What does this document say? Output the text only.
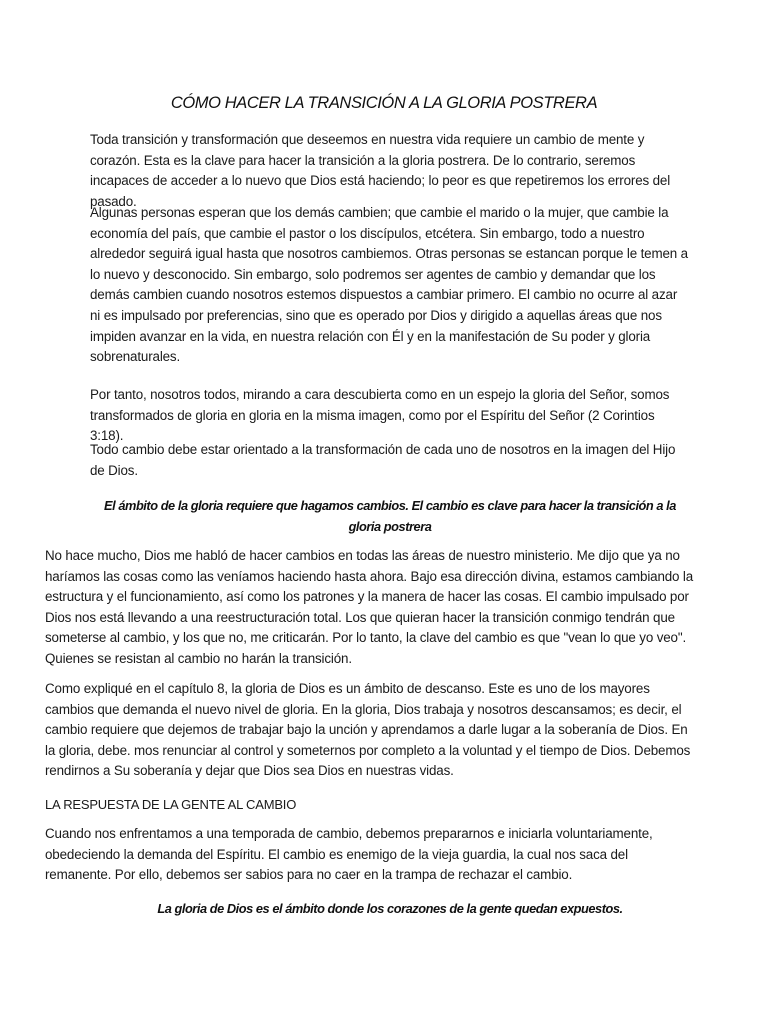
CÓMO HACER LA TRANSICIÓN A LA GLORIA POSTRERA

Toda transición y transformación que deseemos en nuestra vida requiere un cambio de mente y corazón. Esta es la clave para hacer la transición a la gloria postrera. De lo contrario, seremos incapaces de acceder a lo nuevo que Dios está haciendo; lo peor es que repetiremos los errores del pasado.

Algunas personas esperan que los demás cambien; que cambie el marido o la mujer, que cambie la economía del país, que cambie el pastor o los discípulos, etcétera. Sin embargo, todo a nuestro alrededor seguirá igual hasta que nosotros cambiemos. Otras personas se estancan porque le temen a lo nuevo y desconocido. Sin embargo, solo podremos ser agentes de cambio y demandar que los demás cambien cuando nosotros estemos dispuestos a cambiar primero. El cambio no ocurre al azar ni es impulsado por preferencias, sino que es operado por Dios y dirigido a aquellas áreas que nos impiden avanzar en la vida, en nuestra relación con Él y en la manifestación de Su poder y gloria sobrenaturales.

Por tanto, nosotros todos, mirando a cara descubierta como en un espejo la gloria del Señor, somos transformados de gloria en gloria en la misma imagen, como por el Espíritu del Señor (2 Corintios 3:18).

Todo cambio debe estar orientado a la transformación de cada uno de nosotros en la imagen del Hijo de Dios.

El ámbito de la gloria requiere que hagamos cambios. El cambio es clave para hacer la transición a la gloria postrera

No hace mucho, Dios me habló de hacer cambios en todas las áreas de nuestro ministerio. Me dijo que ya no haríamos las cosas como las veníamos haciendo hasta ahora. Bajo esa dirección divina, estamos cambiando la estructura y el funcionamiento, así como los patrones y la manera de hacer las cosas. El cambio impulsado por Dios nos está llevando a una reestructuración total. Los que quieran hacer la transición conmigo tendrán que someterse al cambio, y los que no, me criticarán. Por lo tanto, la clave del cambio es que "vean lo que yo veo". Quienes se resistan al cambio no harán la transición.

Como expliqué en el capítulo 8, la gloria de Dios es un ámbito de descanso. Este es uno de los mayores cambios que demanda el nuevo nivel de gloria. En la gloria, Dios trabaja y nosotros descansamos; es decir, el cambio requiere que dejemos de trabajar bajo la unción y aprendamos a darle lugar a la soberanía de Dios. En la gloria, debe. mos renunciar al control y someternos por completo a la voluntad y el tiempo de Dios. Debemos rendirnos a Su soberanía y dejar que Dios sea Dios en nuestras vidas.

LA RESPUESTA DE LA GENTE AL CAMBIO

Cuando nos enfrentamos a una temporada de cambio, debemos prepararnos e iniciarla voluntariamente, obedeciendo la demanda del Espíritu. El cambio es enemigo de la vieja guardia, la cual nos saca del remanente. Por ello, debemos ser sabios para no caer en la trampa de rechazar el cambio.

La gloria de Dios es el ámbito donde los corazones de la gente quedan expuestos.
